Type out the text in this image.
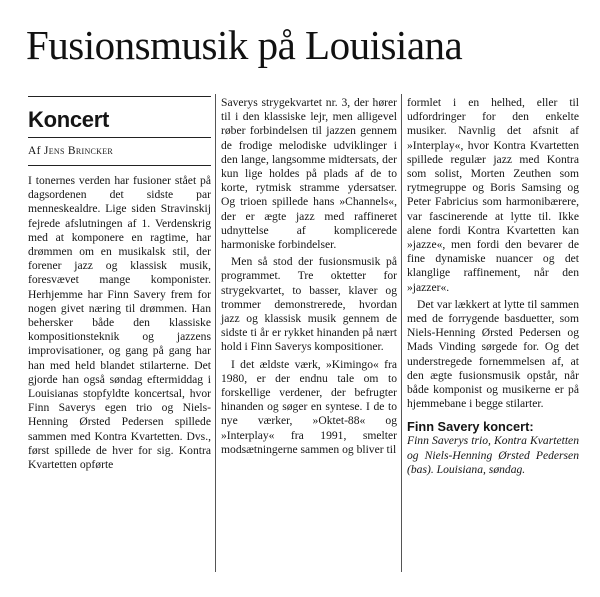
Fusionsmusik på Louisiana
Koncert
Af Jens Brincker

I tonernes verden har fusioner stået på dagsordenen det sidste par menneskealdre. Lige siden Stravinskij fejrede afslutningen af 1. Verdenskrig med at komponere en ragtime, har drømmen om en musikalsk stil, der forener jazz og klassisk musik, foresvævet mange komponister. Herhjemme har Finn Savery frem for nogen givet næring til drømmen. Han behersker både den klassiske kompositionsteknik og jazzens improvisationer, og gang på gang har han med held blandet stilarterne. Det gjorde han også søndag eftermiddag i Louisianas stopfyldte koncertsal, hvor Finn Saverys egen trio og Niels-Henning Ørsted Pedersen spillede sammen med Kontra Kvartetten. Dvs., først spillede de hver for sig. Kontra Kvartetten opførte

Saverys strygekvartet nr. 3, der hører til i den klassiske lejr, men alligevel røber forbindelsen til jazzen gennem de frodige melodiske udviklinger i den lange, langsomme midtersats, der kun lige holdes på plads af de to korte, rytmisk stramme ydersatser. Og trioen spillede hans »Channels«, der er ægte jazz med raffineret udnyttelse af komplicerede harmoniske forbindelser.

Men så stod der fusionsmusik på programmet. Tre oktetter for strygekvartet, to basser, klaver og trommer demonstrerede, hvordan jazz og klassisk musik gennem de sidste ti år er rykket hinanden på nært hold i Finn Saverys kompositioner.

I det ældste værk, »Kimingo« fra 1980, er der endnu tale om to forskellige verdener, der befrugter hinanden og søger en syntese. I de to nye værker, »Oktet-88« og »Interplay« fra 1991, smelter modsætningerne sammen og bliver til

formlet i en helhed, eller til udfordringer for den enkelte musiker. Navnlig det afsnit af »Interplay«, hvor Kontra Kvartetten spillede regulær jazz med Kontra som solist, Morten Zeuthen som rytmegruppe og Boris Samsing og Peter Fabricius som harmonibærere, var fascinerende at lytte til. Ikke alene fordi Kontra Kvartetten kan »jazze«, men fordi den bevarer de fine dynamiske nuancer og det klanglige raffinement, når den »jazzer«.

Det var lækkert at lytte til sammen med de forrygende basduetter, som Niels-Henning Ørsted Pedersen og Mads Vinding sørgede for. Og det understregede fornemmelsen af, at den ægte fusionsmusik opstår, når både komponist og musikerne er på hjemmebane i begge stilarter.

Finn Savery koncert:

Finn Saverys trio, Kontra Kvartetten og Niels-Henning Ørsted Pedersen (bas). Louisiana, søndag.
